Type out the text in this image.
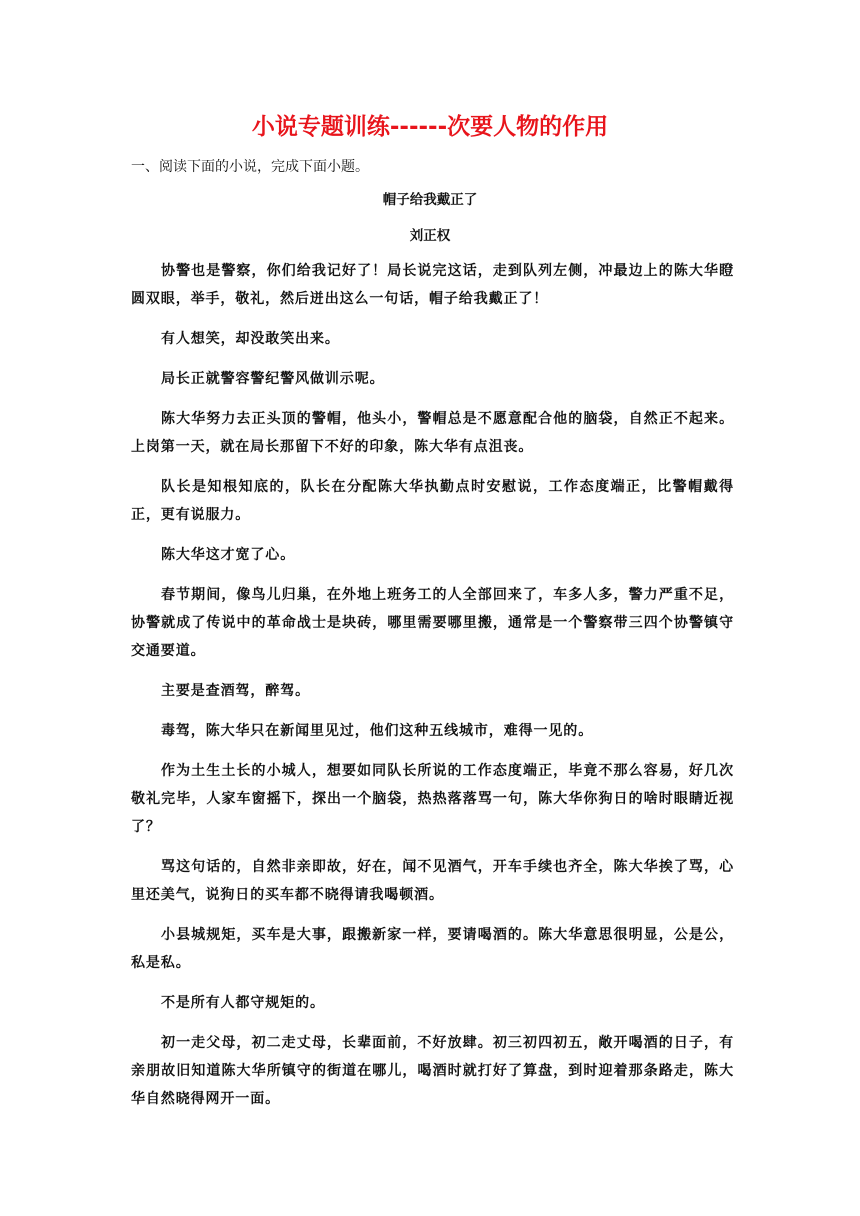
小说专题训练------次要人物的作用
一、阅读下面的小说，完成下面小题。
帽子给我戴正了
刘正权

协警也是警察，你们给我记好了！局长说完这话，走到队列左侧，冲最边上的陈大华瞪圆双眼，举手，敬礼，然后迸出这么一句话，帽子给我戴正了！

有人想笑，却没敢笑出来。

局长正就警容警纪警风做训示呢。

陈大华努力去正头顶的警帽，他头小，警帽总是不愿意配合他的脑袋，自然正不起来。上岗第一天，就在局长那留下不好的印象，陈大华有点沮丧。

队长是知根知底的，队长在分配陈大华执勤点时安慰说，工作态度端正，比警帽戴得正，更有说服力。

陈大华这才宽了心。

春节期间，像鸟儿归巢，在外地上班务工的人全部回来了，车多人多，警力严重不足，协警就成了传说中的革命战士是块砖，哪里需要哪里搬，通常是一个警察带三四个协警镇守交通要道。

主要是查酒驾，醉驾。

毒驾，陈大华只在新闻里见过，他们这种五线城市，难得一见的。

作为土生土长的小城人，想要如同队长所说的工作态度端正，毕竟不那么容易，好几次敬礼完毕，人家车窗摇下，探出一个脑袋，热热落落骂一句，陈大华你狗日的啥时眼睛近视了？

骂这句话的，自然非亲即故，好在，闻不见酒气，开车手续也齐全，陈大华挨了骂，心里还美气，说狗日的买车都不晓得请我喝顿酒。

小县城规矩，买车是大事，跟搬新家一样，要请喝酒的。陈大华意思很明显，公是公，私是私。

不是所有人都守规矩的。

初一走父母，初二走丈母，长辈面前，不好放肆。初三初四初五，敞开喝酒的日子，有亲朋故旧知道陈大华所镇守的街道在哪儿，喝酒时就打好了算盘，到时迎着那条路走，陈大华自然晓得网开一面。
